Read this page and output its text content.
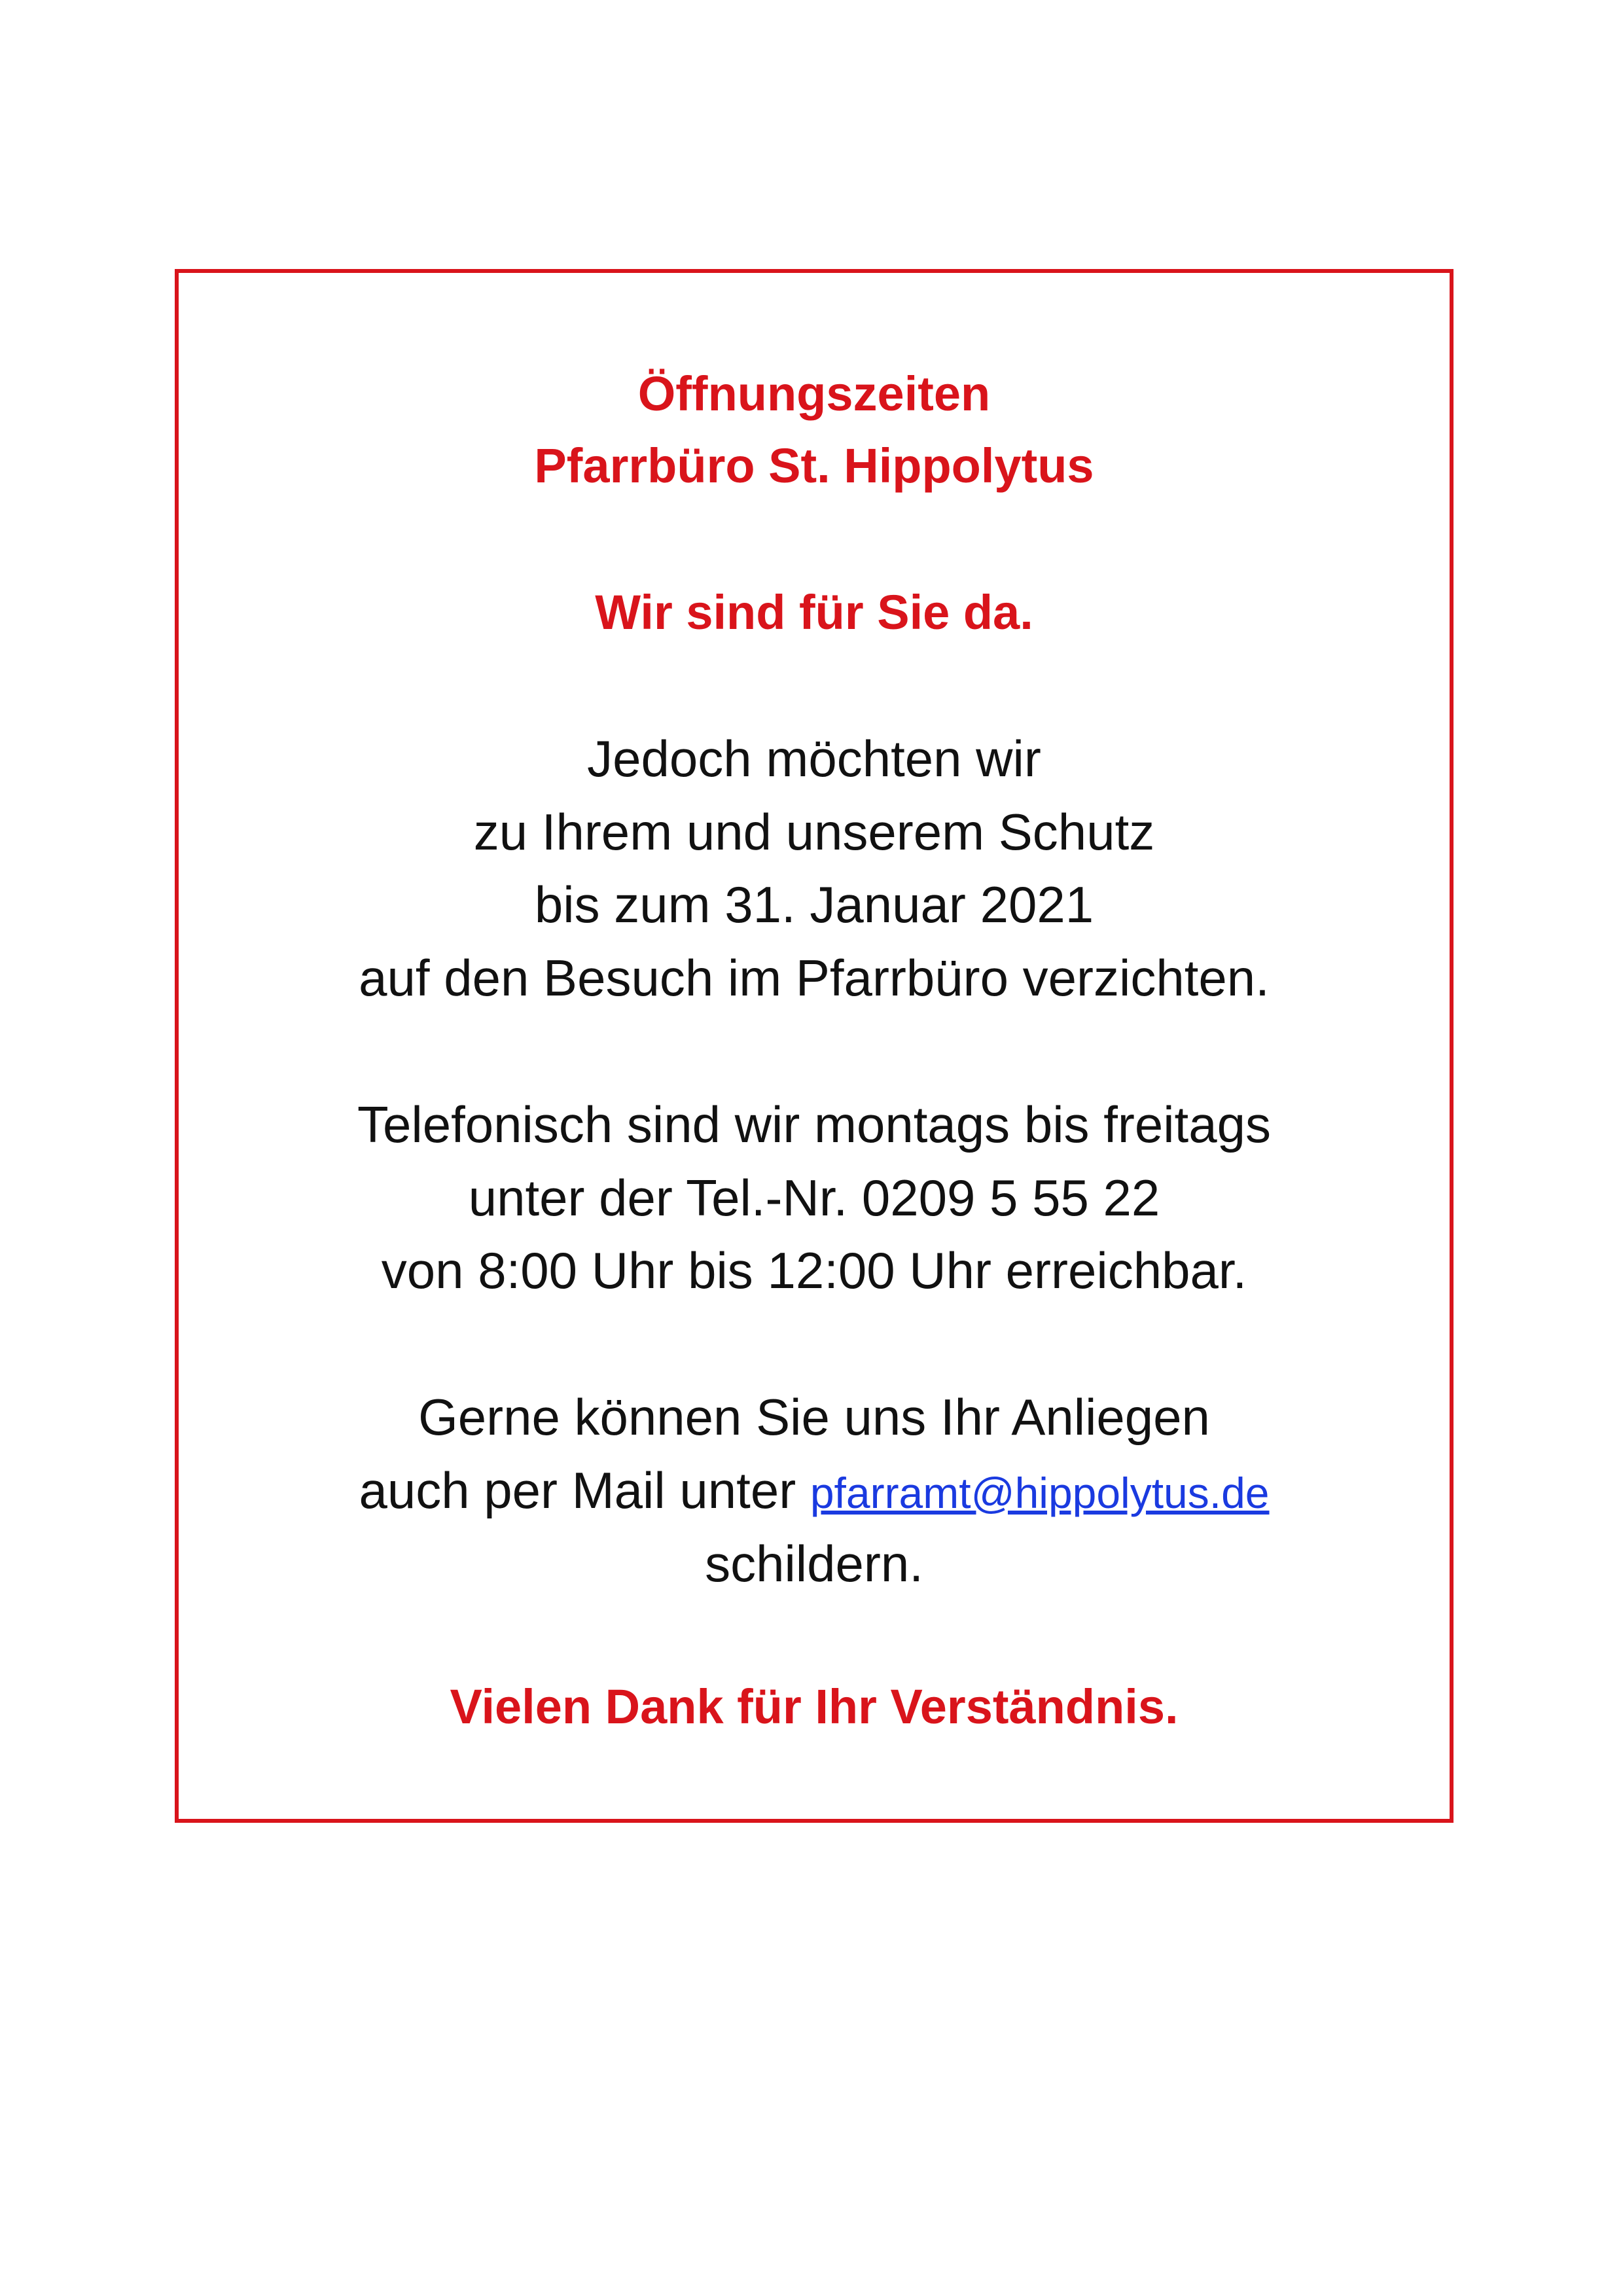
Öffnungszeiten
Pfarrbüro St. Hippolytus
Wir sind für Sie da.
Jedoch möchten wir
zu Ihrem und unserem Schutz
bis zum 31. Januar 2021
auf den Besuch im Pfarrbüro verzichten.
Telefonisch sind wir montags bis freitags
unter der Tel.-Nr. 0209 5 55 22
von 8:00 Uhr bis 12:00 Uhr erreichbar.
Gerne können Sie uns Ihr Anliegen
auch per Mail unter pfarramt@hippolytus.de
schildern.
Vielen Dank für Ihr Verständnis.
